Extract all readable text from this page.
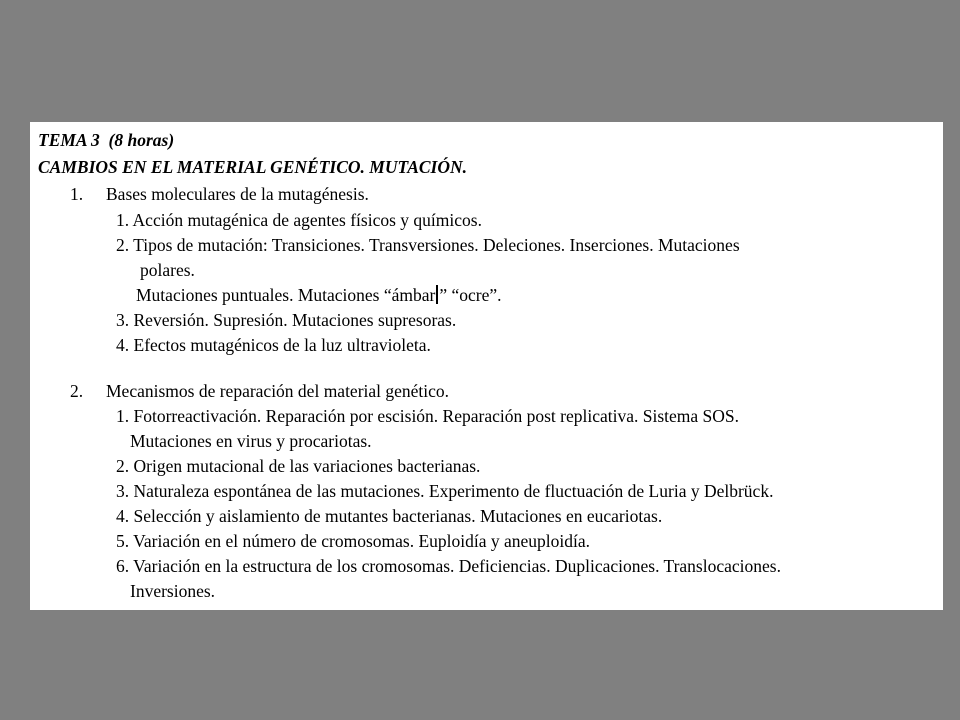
TEMA 3 (8 horas)
CAMBIOS EN EL MATERIAL GENÉTICO. MUTACIÓN.
1. Bases moleculares de la mutagénesis.
1. Acción mutagénica de agentes físicos y químicos.
2. Tipos de mutación: Transiciones. Transversiones. Deleciones. Inserciones. Mutaciones
polares.
Mutaciones puntuales. Mutaciones “ámbar ” “ocre”.
3. Reversión. Supresión. Mutaciones supresoras.
4. Efectos mutagénicos de la luz ultravioleta.
2. Mecanismos de reparación del material genético.
1. Fotorreactivación. Reparación por escisión. Reparación post replicativa. Sistema SOS.
Mutaciones en virus y procariotas.
2. Origen mutacional de las variaciones bacterianas.
3. Naturaleza espontánea de las mutaciones. Experimento de fluctuación de Luria y Delbrück.
4. Selección y aislamiento de mutantes bacterianas. Mutaciones en eucariotas.
5. Variación en el número de cromosomas. Euploidía y aneuploidía.
6. Variación en la estructura de los cromosomas. Deficiencias. Duplicaciones. Translocaciones.
Inversiones.
